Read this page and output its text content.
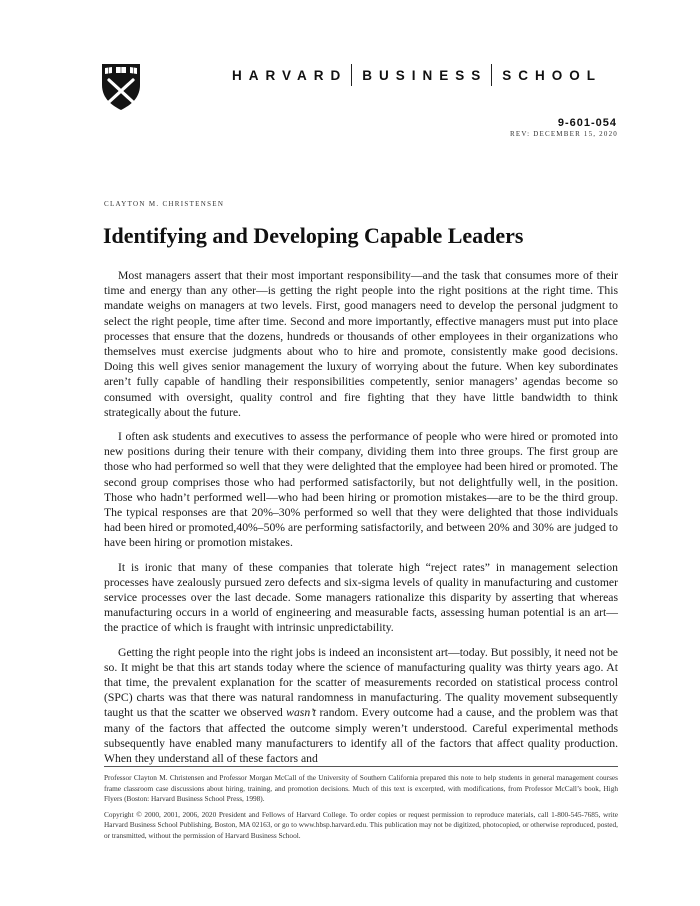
HARVARD BUSINESS SCHOOL
9-601-054
REV: DECEMBER 15, 2020
CLAYTON M. CHRISTENSEN
Identifying and Developing Capable Leaders

Most managers assert that their most important responsibility—and the task that consumes more of their time and energy than any other—is getting the right people into the right positions at the right time. This mandate weighs on managers at two levels. First, good managers need to develop the personal judgment to select the right people, time after time. Second and more importantly, effective managers must put into place processes that ensure that the dozens, hundreds or thousands of other employees in their organizations who themselves must exercise judgments about who to hire and promote, consistently make good decisions. Doing this well gives senior management the luxury of worrying about the future. When key subordinates aren’t fully capable of handling their responsibilities competently, senior managers’ agendas become so consumed with oversight, quality control and fire fighting that they have little bandwidth to think strategically about the future.

I often ask students and executives to assess the performance of people who were hired or promoted into new positions during their tenure with their company, dividing them into three groups. The first group are those who had performed so well that they were delighted that the employee had been hired or promoted. The second group comprises those who had performed satisfactorily, but not delightfully well, in the position. Those who hadn’t performed well—who had been hiring or promotion mistakes—are to be the third group. The typical responses are that 20%–30% performed so well that they were delighted that those individuals had been hired or promoted,40%–50% are performing satisfactorily, and between 20% and 30% are judged to have been hiring or promotion mistakes.

It is ironic that many of these companies that tolerate high “reject rates” in management selection processes have zealously pursued zero defects and six-sigma levels of quality in manufacturing and customer service processes over the last decade. Some managers rationalize this disparity by asserting that whereas manufacturing occurs in a world of engineering and measurable facts, assessing human potential is an art—the practice of which is fraught with intrinsic unpredictability.

Getting the right people into the right jobs is indeed an inconsistent art—today. But possibly, it need not be so. It might be that this art stands today where the science of manufacturing quality was thirty years ago. At that time, the prevalent explanation for the scatter of measurements recorded on statistical process control (SPC) charts was that there was natural randomness in manufacturing. The quality movement subsequently taught us that the scatter we observed wasn’t random. Every outcome had a cause, and the problem was that many of the factors that affected the outcome simply weren’t understood. Careful experimental methods subsequently have enabled many manufacturers to identify all of the factors that affect quality production. When they understand all of these factors and

Professor Clayton M. Christensen and Professor Morgan McCall of the University of Southern California prepared this note to help students in general management courses frame classroom case discussions about hiring, training, and promotion decisions. Much of this text is excerpted, with modifications, from Professor McCall’s book, High Flyers (Boston: Harvard Business School Press, 1998).

Copyright © 2000, 2001, 2006, 2020 President and Fellows of Harvard College. To order copies or request permission to reproduce materials, call 1-800-545-7685, write Harvard Business School Publishing, Boston, MA 02163, or go to www.hbsp.harvard.edu. This publication may not be digitized, photocopied, or otherwise reproduced, posted, or transmitted, without the permission of Harvard Business School.
